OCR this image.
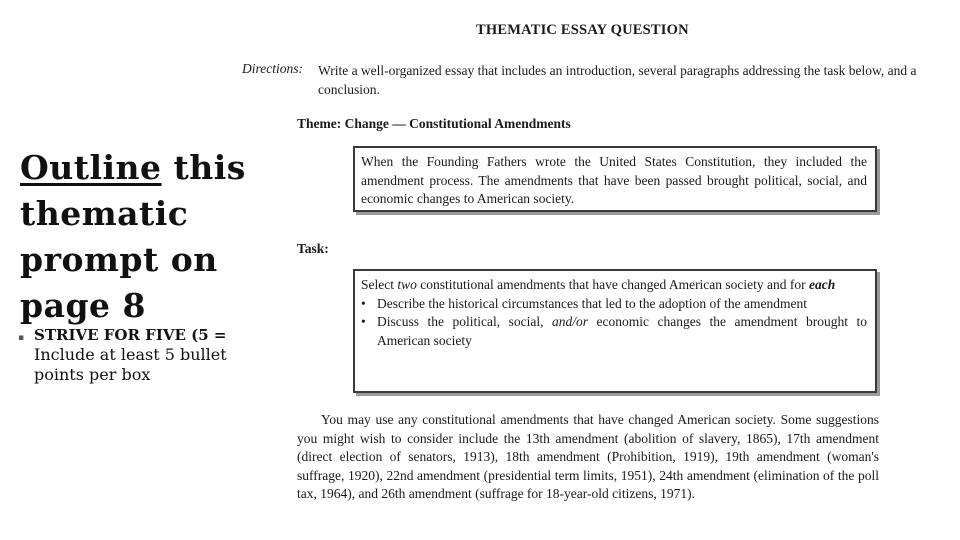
Outline this thematic prompt on page 8
▪ STRIVE FOR FIVE (5 = Include at least 5 bullet points per box
THEMATIC ESSAY QUESTION
Directions: Write a well-organized essay that includes an introduction, several paragraphs addressing the task below, and a conclusion.
Theme: Change — Constitutional Amendments
When the Founding Fathers wrote the United States Constitution, they included the amendment process. The amendments that have been passed brought political, social, and economic changes to American society.
Task:
Select two constitutional amendments that have changed American society and for each
• Describe the historical circumstances that led to the adoption of the amendment
• Discuss the political, social, and/or economic changes the amendment brought to American society
You may use any constitutional amendments that have changed American society. Some suggestions you might wish to consider include the 13th amendment (abolition of slavery, 1865), 17th amendment (direct election of senators, 1913), 18th amendment (Prohibition, 1919), 19th amendment (woman's suffrage, 1920), 22nd amendment (presidential term limits, 1951), 24th amendment (elimination of the poll tax, 1964), and 26th amendment (suffrage for 18-year-old citizens, 1971).
